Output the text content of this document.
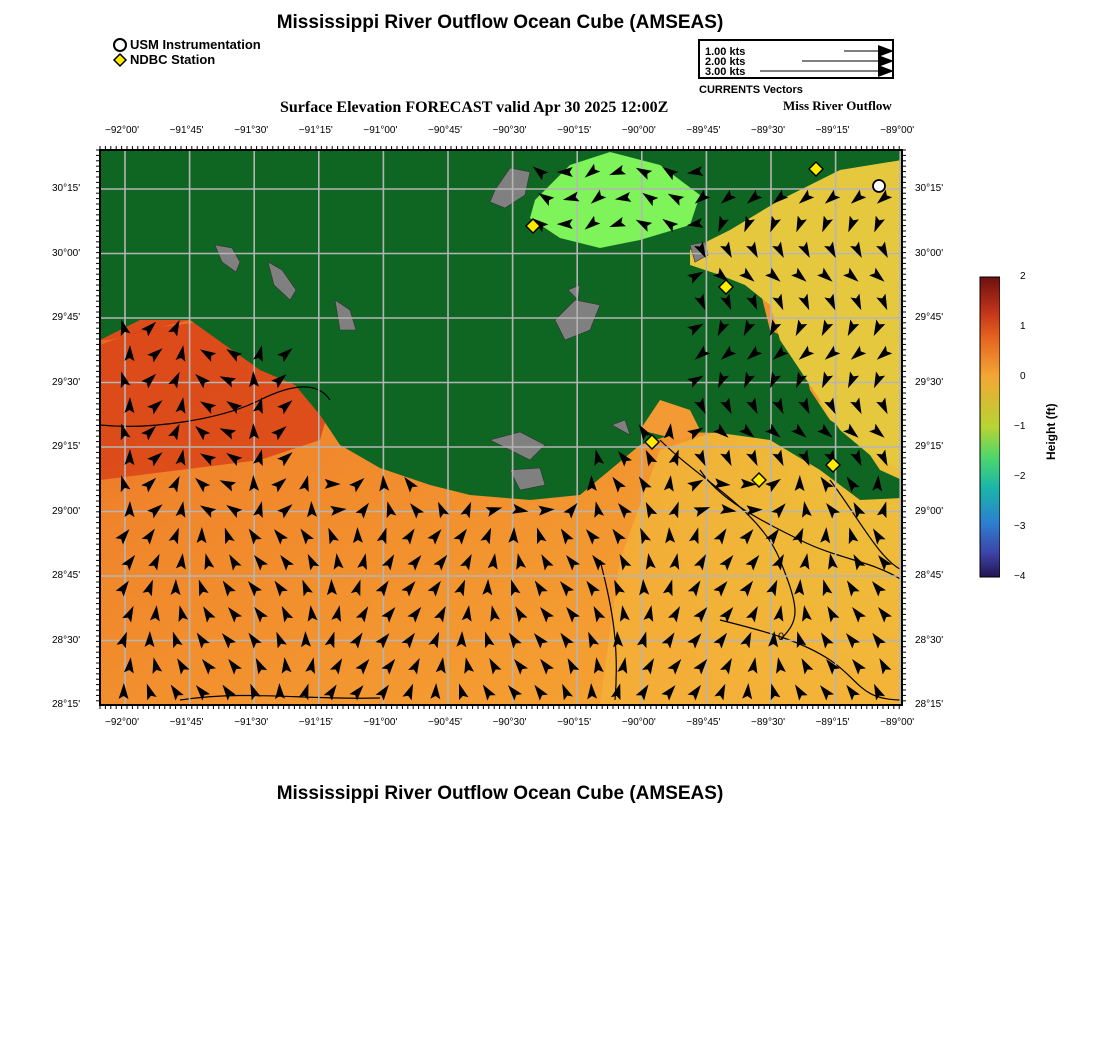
Mississippi River Outflow Ocean Cube (AMSEAS)
USM Instrumentation
NDBC Station	1.00 kts
2.00 kts
3.00 kts
CURRENTS Vectors
Surface Elevation FORECAST valid Apr 30 2025 12:00Z	Miss River Outflow
0
−92°00'	−91°45'	−91°30'	−91°15'	−91°00'	−90°45'	−90°30'	−90°15'	−90°00'	−89°45'	−89°30'	−89°15'	−89°00'
−92°00'	−91°45'	−91°30'	−91°15'	−91°00'	−90°45'	−90°30'	−90°15'	−90°00'	−89°45'	−89°30'	−89°15'	−89°00'
30°15'
30°00'
29°45'
29°30'
29°15'
29°00'
28°45'
28°30'
28°15'
30°15'
30°00'
29°45'
29°30'
29°15'
29°00'
28°45'
28°30'
28°15'
2
1
0
−1
−2
−3
−4
Height (ft)
Mississippi River Outflow Ocean Cube (AMSEAS)
